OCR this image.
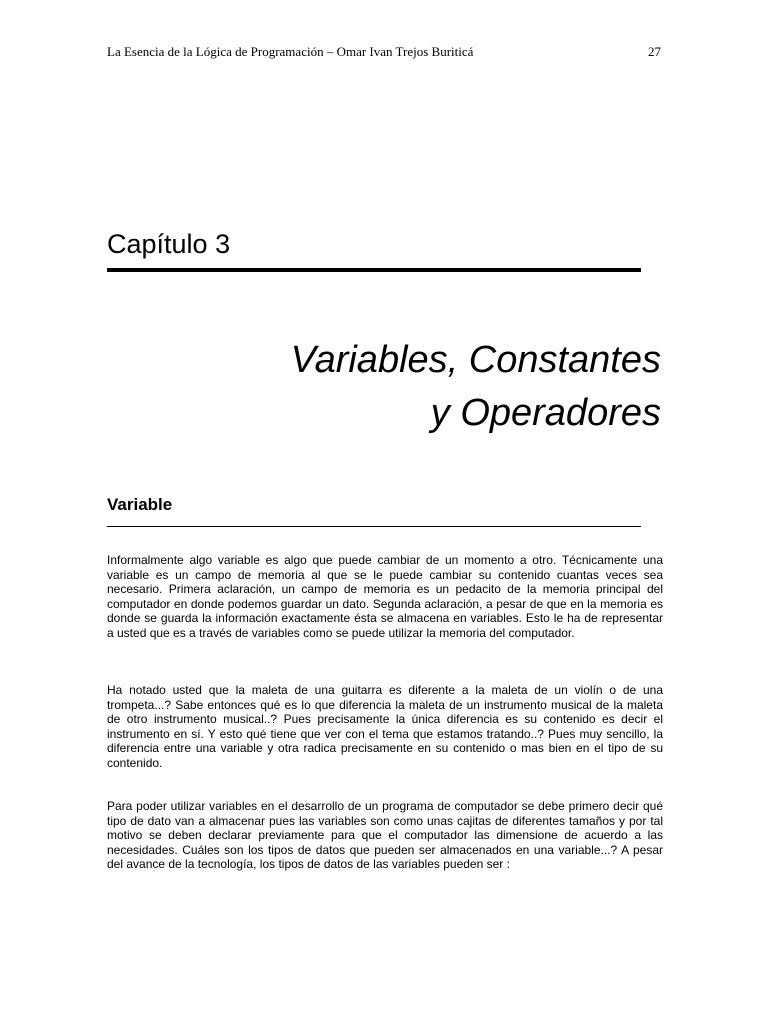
La Esencia de la Lógica de Programación – Omar Ivan Trejos Buriticá	27
Capítulo 3
Variables, Constantes
y Operadores
Variable

Informalmente algo variable es algo que puede cambiar de un momento a otro. Técnicamente una variable es un campo de memoria al que se le puede cambiar su contenido cuantas veces sea necesario. Primera aclaración, un campo de memoria es un pedacito de la memoria principal del computador en donde podemos guardar un dato. Segunda aclaración, a pesar de que en la memoria es donde se guarda la información exactamente ésta se almacena en variables. Esto le ha de representar a usted que es a través de variables como se puede utilizar la memoria del computador.

Ha notado usted que la maleta de una guitarra es diferente a la maleta de un violín o de una trompeta...? Sabe entonces qué es lo que diferencia la maleta de un instrumento musical de la maleta de otro instrumento musical..? Pues precisamente la única diferencia es su contenido es decir el instrumento en sí. Y esto qué tiene que ver con el tema que estamos tratando..? Pues muy sencillo, la diferencia entre una variable y otra radica precisamente en su contenido o mas bien en el tipo de su contenido.

Para poder utilizar variables en el desarrollo de un programa de computador se debe primero decir qué tipo de dato van a almacenar pues las variables son como unas cajitas de diferentes tamaños y por tal motivo se deben declarar previamente para que el computador las dimensione de acuerdo a las necesidades. Cuáles son los tipos de datos que pueden ser almacenados en una variable...? A pesar del avance de la tecnología, los tipos de datos de las variables pueden ser :
